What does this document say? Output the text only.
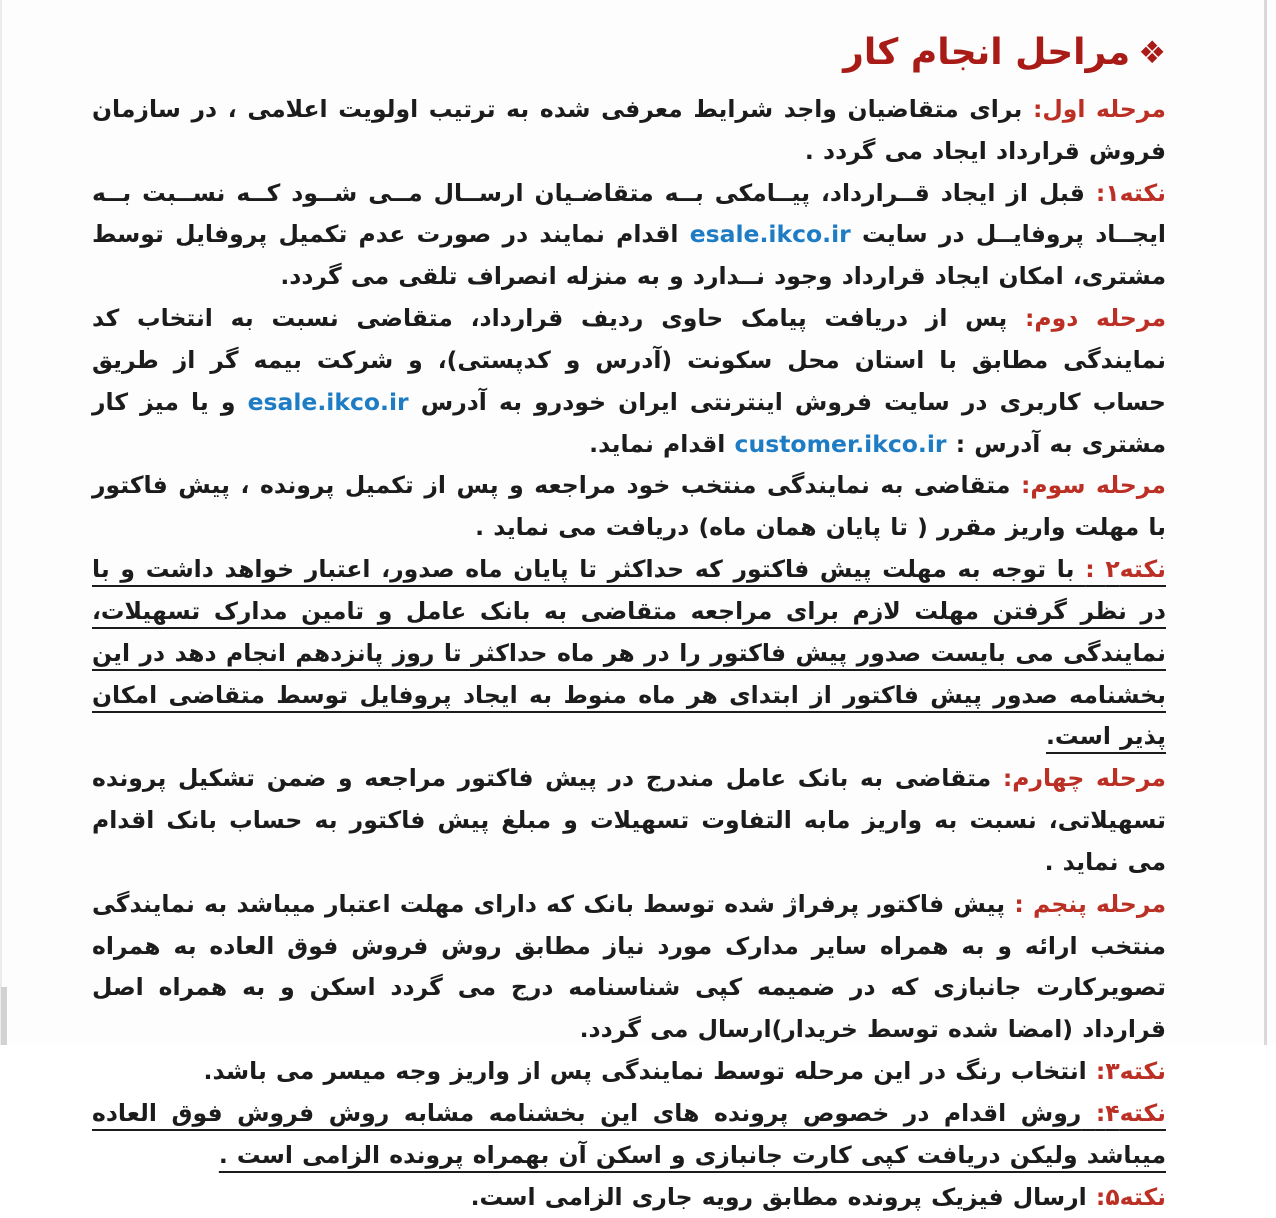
❖مراحل انجام کار

مرحله اول: برای متقاضیان واجد شرایط معرفی شده به ترتیب اولویت اعلامی ، در سازمان فروش قرارداد ایجاد می گردد .

نکته۱: قبل از ایجاد قــرارداد، پیــامکی بــه متقاضـیان ارســال مــی شــود کــه نســبت بــه ایجــاد پروفایــل در سایت esale.ikco.ir اقدام نمایند در صورت عدم تکمیل پروفایل توسط مشتری، امکان ایجاد قرارداد وجود نــدارد و به منزله انصراف تلقی می گردد.

مرحله دوم: پس از دریافت پیامک حاوی ردیف قرارداد، متقاضی نسبت به انتخاب کد نمایندگی مطابق با استان محل سکونت (آدرس و کدپستی)، و شرکت بیمه گر از طریق حساب کاربری در سایت فروش اینترنتی ایران خودرو به آدرس esale.ikco.ir و یا میز کار مشتری به آدرس : customer.ikco.ir اقدام نماید.

مرحله سوم: متقاضی به نمایندگی منتخب خود مراجعه و پس از تکمیل پرونده ، پیش فاکتور با مهلت واریز مقرر ( تا پایان همان ماه) دریافت می نماید .

نکته۲ : با توجه به مهلت پیش فاکتور که حداکثر تا پایان ماه صدور، اعتبار خواهد داشت و با در نظر گرفتن مهلت لازم برای مراجعه متقاضی به بانک عامل و تامین مدارک تسهیلات، نمایندگی می بایست صدور پیش فاکتور را در هر ماه حداکثر تا روز پانزدهم انجام دهد در این بخشنامه صدور پیش فاکتور از ابتدای هر ماه منوط به ایجاد پروفایل توسط متقاضی امکان پذیر است.

مرحله چهارم: متقاضی به بانک عامل مندرج در پیش فاکتور مراجعه و ضمن تشکیل پرونده تسهیلاتی، نسبت به واریز مابه التفاوت تسهیلات و مبلغ پیش فاکتور به حساب بانک اقدام می نماید .

مرحله پنجم : پیش فاکتور پرفراژ شده توسط بانک که دارای مهلت اعتبار میباشد به نمایندگی منتخب ارائه و به همراه سایر مدارک مورد نیاز مطابق روش فروش فوق العاده به همراه تصویرکارت جانبازی که در ضمیمه کپی شناسنامه درج می گردد اسکن و به همراه اصل قرارداد (امضا شده توسط خریدار)ارسال می گردد.

نکته۳: انتخاب رنگ در این مرحله توسط نمایندگی پس از واریز وجه میسر می باشد.

نکته۴: روش اقدام در خصوص پرونده های این بخشنامه مشابه روش فروش فوق العاده میباشد ولیکن دریافت کپی کارت جانبازی و اسکن آن بهمراه پرونده الزامی است .

نکته۵: ارسال فیزیک پرونده مطابق رویه جاری الزامی است.
